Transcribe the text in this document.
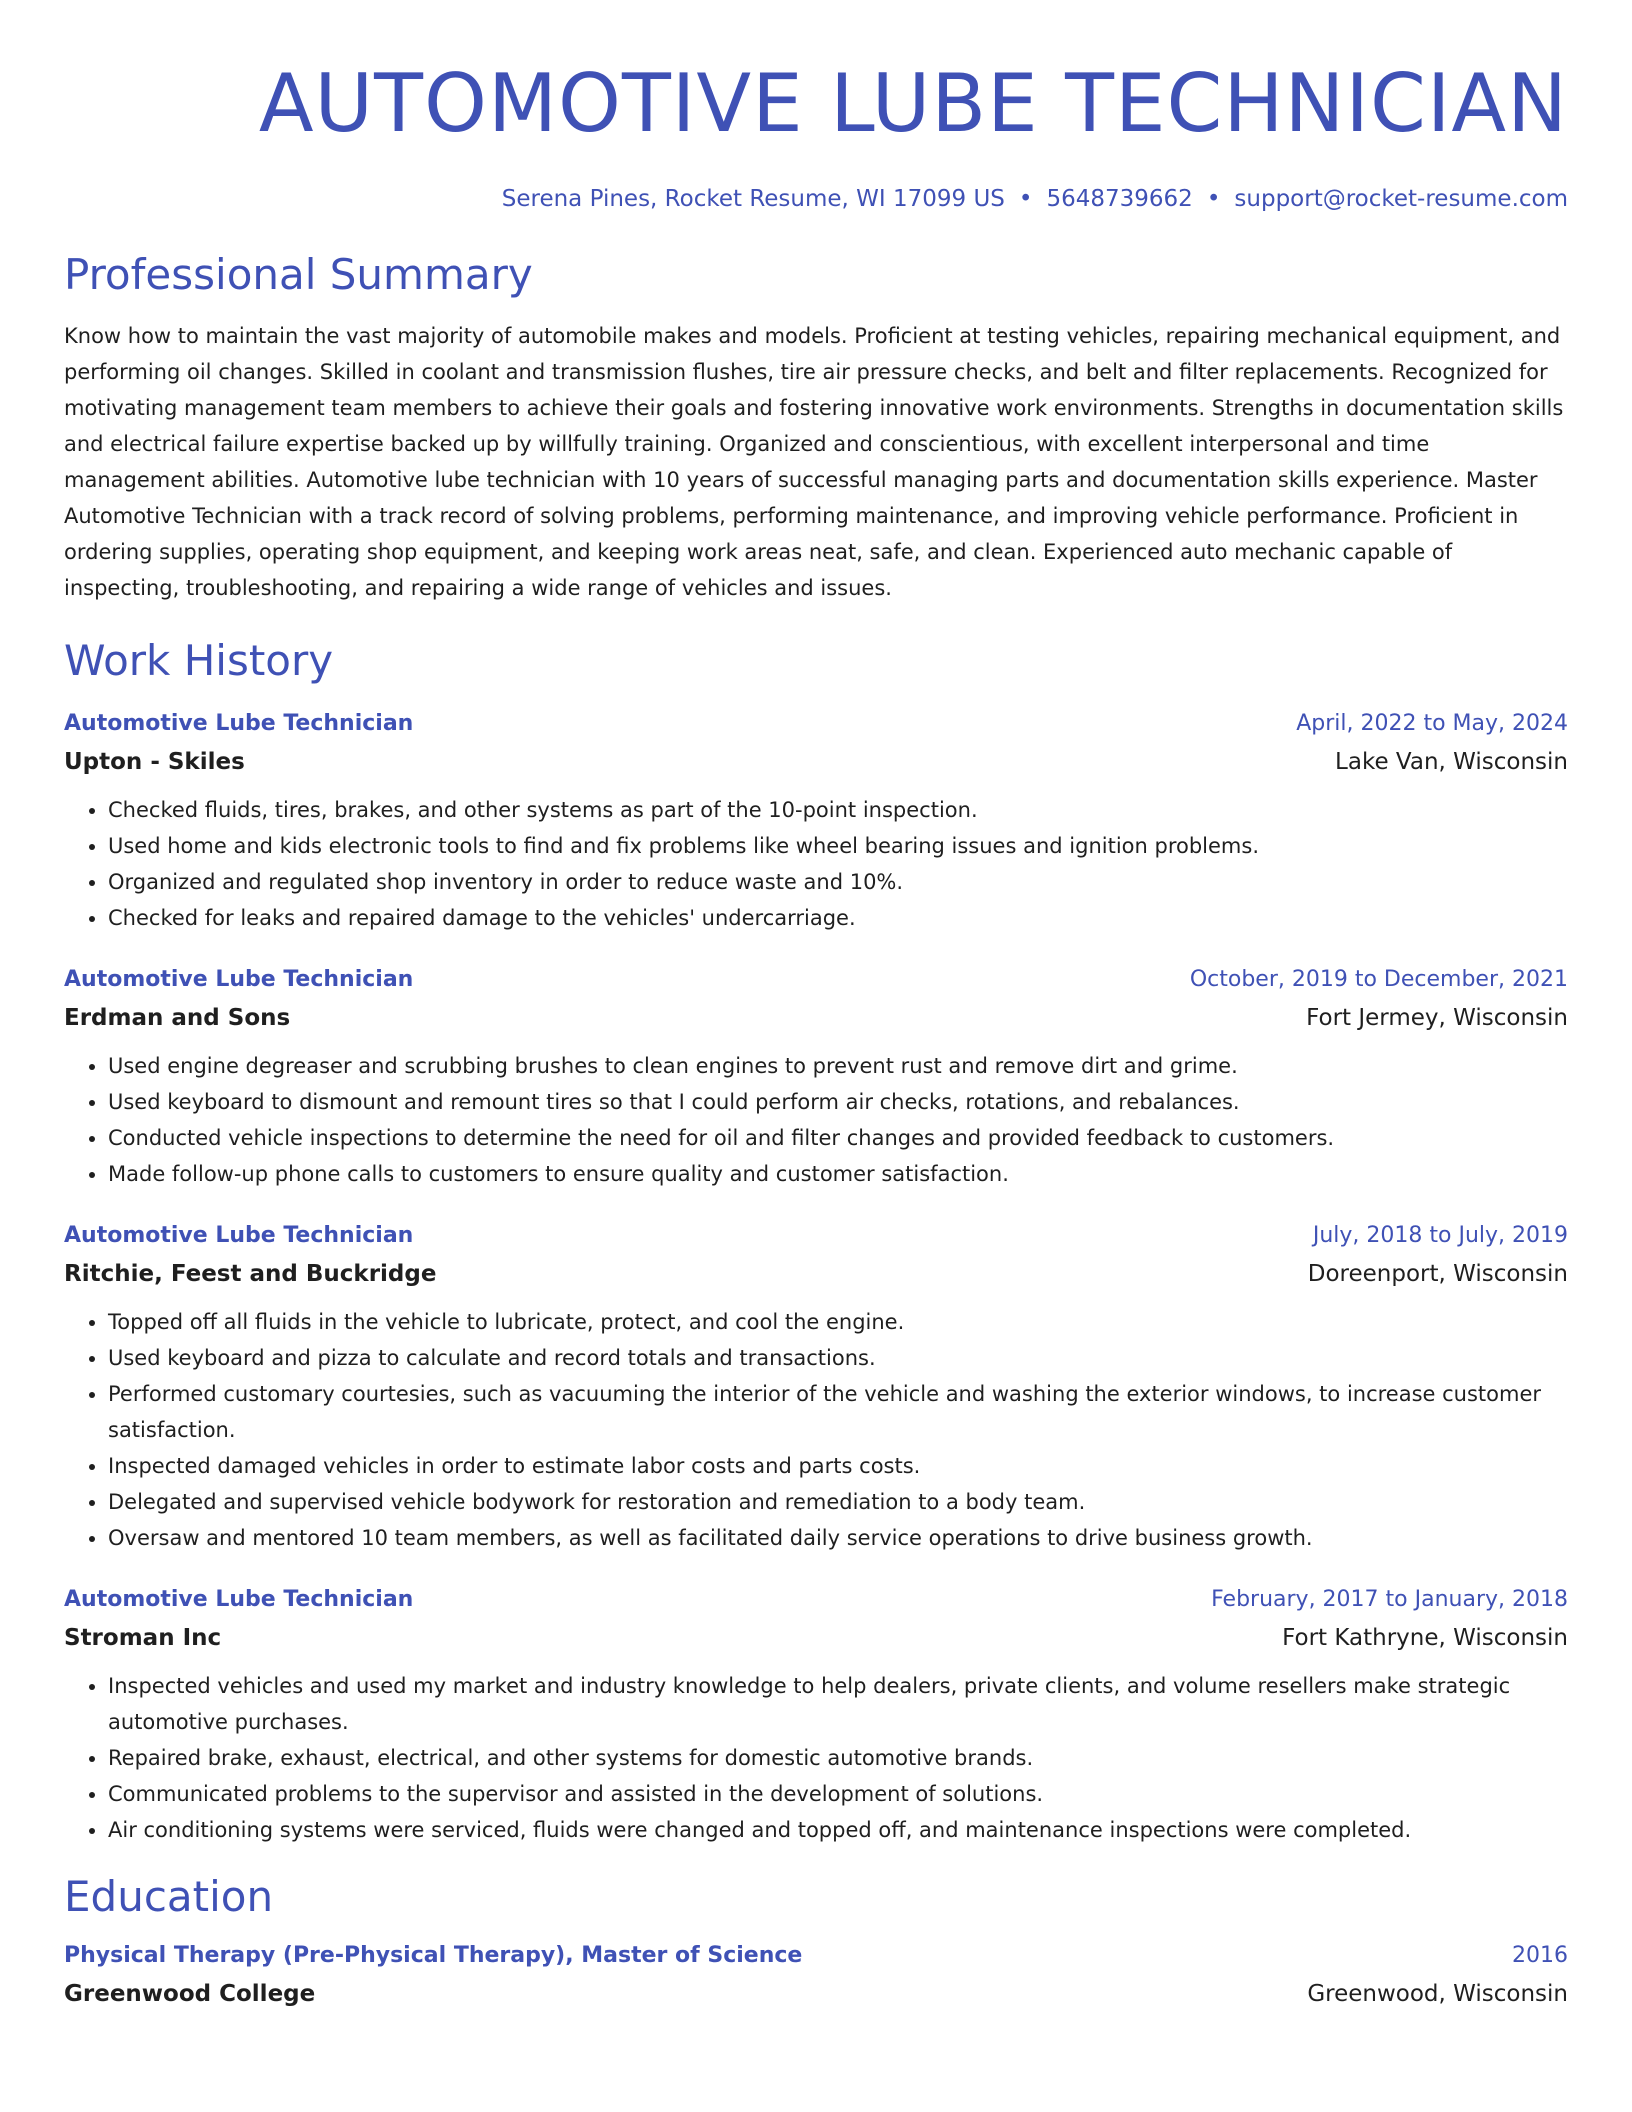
AUTOMOTIVE LUBE TECHNICIAN
Serena Pines, Rocket Resume, WI 17099 US • 5648739662 • support@rocket-resume.com
Professional Summary
Know how to maintain the vast majority of automobile makes and models. Proficient at testing vehicles, repairing mechanical equipment, and performing oil changes. Skilled in coolant and transmission flushes, tire air pressure checks, and belt and filter replacements. Recognized for motivating management team members to achieve their goals and fostering innovative work environments. Strengths in documentation skills and electrical failure expertise backed up by willfully training. Organized and conscientious, with excellent interpersonal and time management abilities. Automotive lube technician with 10 years of successful managing parts and documentation skills experience. Master Automotive Technician with a track record of solving problems, performing maintenance, and improving vehicle performance. Proficient in ordering supplies, operating shop equipment, and keeping work areas neat, safe, and clean. Experienced auto mechanic capable of inspecting, troubleshooting, and repairing a wide range of vehicles and issues.
Work History
Automotive Lube Technician	April, 2022 to May, 2024
Upton - Skiles	Lake Van, Wisconsin
• Checked fluids, tires, brakes, and other systems as part of the 10-point inspection.
• Used home and kids electronic tools to find and fix problems like wheel bearing issues and ignition problems.
• Organized and regulated shop inventory in order to reduce waste and 10%.
• Checked for leaks and repaired damage to the vehicles' undercarriage.
Automotive Lube Technician	October, 2019 to December, 2021
Erdman and Sons	Fort Jermey, Wisconsin
• Used engine degreaser and scrubbing brushes to clean engines to prevent rust and remove dirt and grime.
• Used keyboard to dismount and remount tires so that I could perform air checks, rotations, and rebalances.
• Conducted vehicle inspections to determine the need for oil and filter changes and provided feedback to customers.
• Made follow-up phone calls to customers to ensure quality and customer satisfaction.
Automotive Lube Technician	July, 2018 to July, 2019
Ritchie, Feest and Buckridge	Doreenport, Wisconsin
• Topped off all fluids in the vehicle to lubricate, protect, and cool the engine.
• Used keyboard and pizza to calculate and record totals and transactions.
• Performed customary courtesies, such as vacuuming the interior of the vehicle and washing the exterior windows, to increase customer satisfaction.
• Inspected damaged vehicles in order to estimate labor costs and parts costs.
• Delegated and supervised vehicle bodywork for restoration and remediation to a body team.
• Oversaw and mentored 10 team members, as well as facilitated daily service operations to drive business growth.
Automotive Lube Technician	February, 2017 to January, 2018
Stroman Inc	Fort Kathryne, Wisconsin
• Inspected vehicles and used my market and industry knowledge to help dealers, private clients, and volume resellers make strategic automotive purchases.
• Repaired brake, exhaust, electrical, and other systems for domestic automotive brands.
• Communicated problems to the supervisor and assisted in the development of solutions.
• Air conditioning systems were serviced, fluids were changed and topped off, and maintenance inspections were completed.
Education
Physical Therapy (Pre-Physical Therapy), Master of Science	2016
Greenwood College	Greenwood, Wisconsin
